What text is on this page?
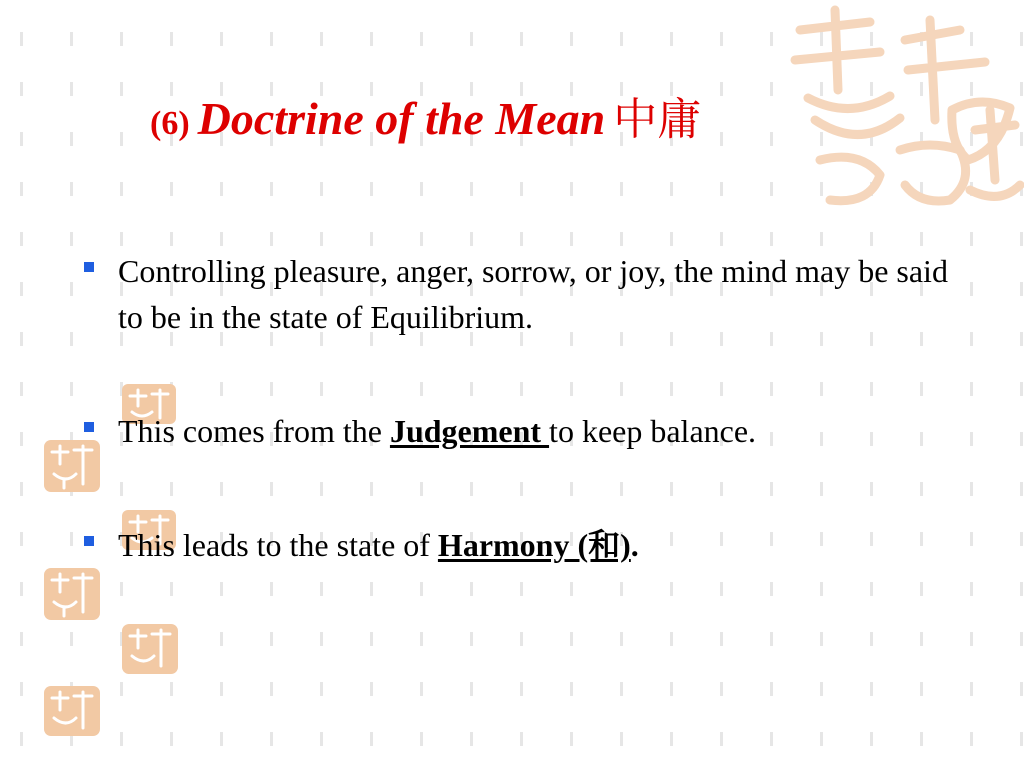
(6) Doctrine of the Mean 中庸
Controlling pleasure, anger, sorrow, or joy, the mind may be said to be in the state of Equilibrium.
This comes from the Judgement to keep balance.
This leads to the state of Harmony (和).
